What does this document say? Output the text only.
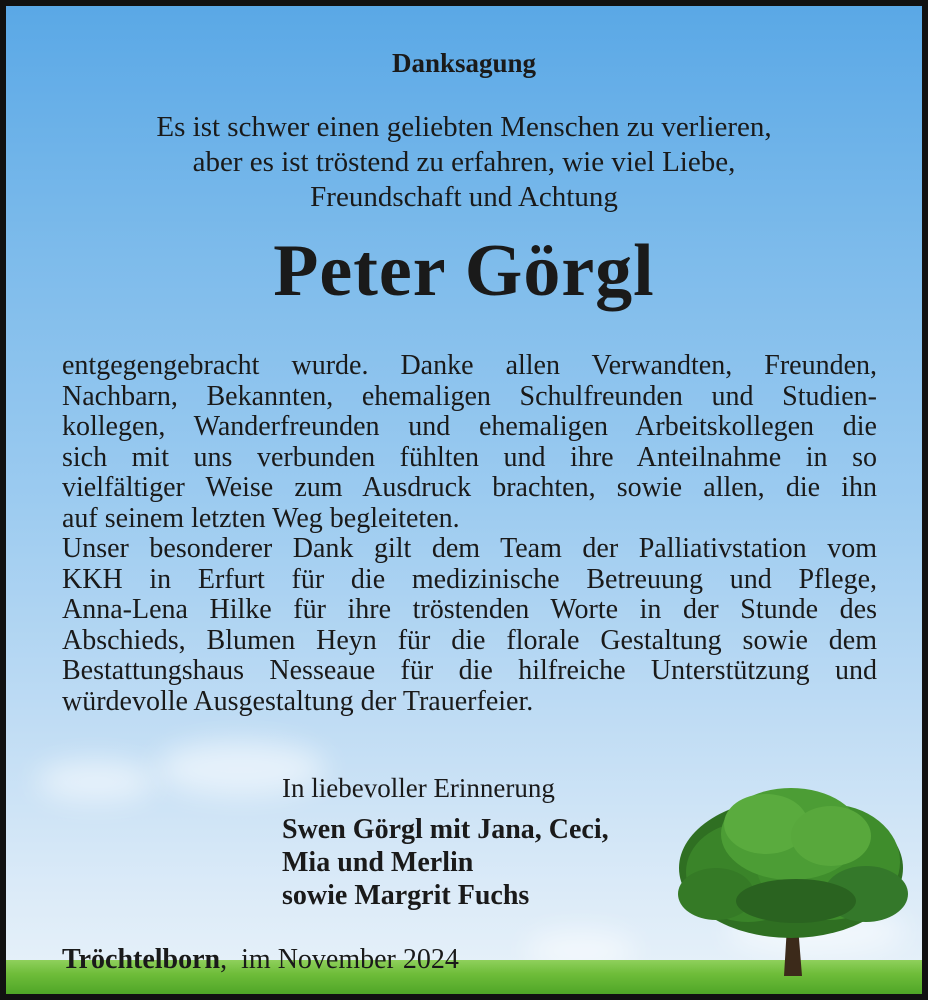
Danksagung
Es ist schwer einen geliebten Menschen zu verlieren,
aber es ist tröstend zu erfahren, wie viel Liebe,
Freundschaft und Achtung
Peter Görgl

entgegengebracht wurde. Danke allen Verwandten, Freunden,

Nachbarn, Bekannten, ehemaligen Schulfreunden und Studien-

kollegen, Wanderfreunden und ehemaligen Arbeitskollegen die

sich mit uns verbunden fühlten und ihre Anteilnahme in so

vielfältiger Weise zum Ausdruck brachten, sowie allen, die ihn

auf seinem letzten Weg begleiteten.

Unser besonderer Dank gilt dem Team der Palliativstation vom

KKH in Erfurt für die medizinische Betreuung und Pflege,

Anna-Lena Hilke für ihre tröstenden Worte in der Stunde des

Abschieds, Blumen Heyn für die florale Gestaltung sowie dem

Bestattungshaus Nesseaue für die hilfreiche Unterstützung und

würdevolle Ausgestaltung der Trauerfeier.

In liebevoller Erinnerung
Swen Görgl mit Jana, Ceci,
Mia und Merlin
sowie Margrit Fuchs
Tröchtelborn,  im November 2024
